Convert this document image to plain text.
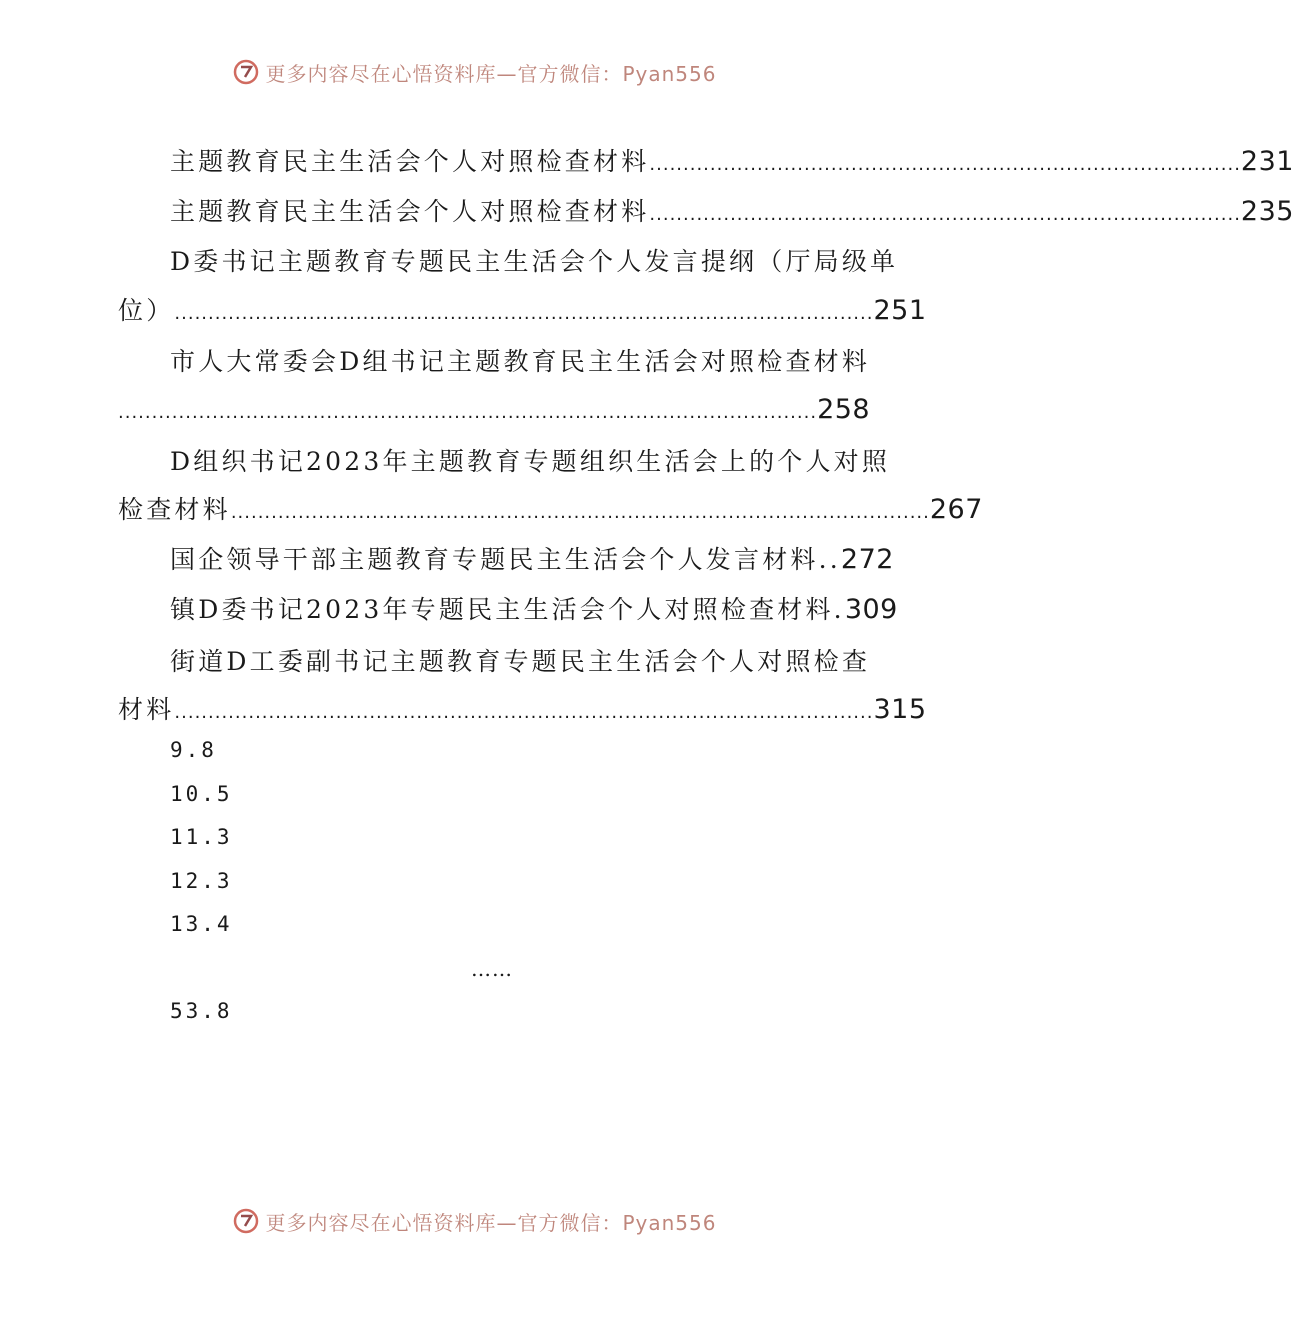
更多内容尽在心悟资料库—官方微信：Pyan556
主题教育民主生活会个人对照检查材料 ........................................................................................ 231
主题教育民主生活会个人对照检查材料 ........................................................................................ 235
D委书记主题教育专题民主生活会个人发言提纲（厅局级单
位） ........................................................................................................ 251
市人大常委会D组书记主题教育民主生活会对照检查材料
........................................................................................................ 258
D组织书记2023年主题教育专题组织生活会上的个人对照
检查材料 ........................................................................................................ 267
国企领导干部主题教育专题民主生活会个人发言材料.. 272
镇D委书记2023年专题民主生活会个人对照检查材料. 309
街道D工委副书记主题教育专题民主生活会个人对照检查
材料 ........................................................................................................ 315
9.8
10.5
11.3
12.3
13.4
……
53.8
更多内容尽在心悟资料库—官方微信：Pyan556
